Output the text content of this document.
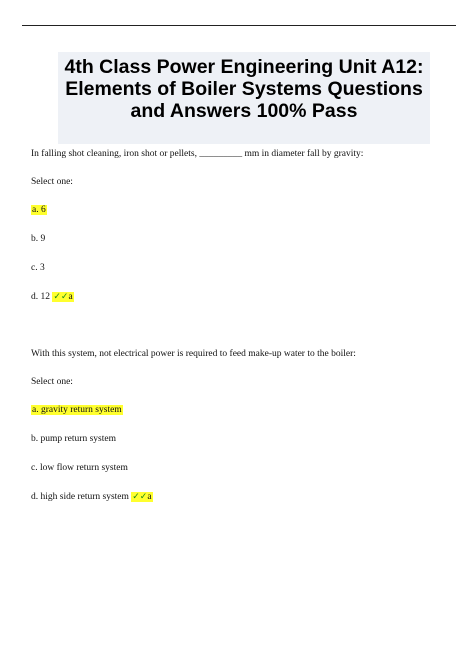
4th Class Power Engineering Unit A12:
Elements of Boiler Systems Questions
and Answers 100% Pass
In falling shot cleaning, iron shot or pellets, _________ mm in diameter fall by gravity:
Select one:
a. 6
b. 9
c. 3
d. 12 ✓✓a
With this system, not electrical power is required to feed make-up water to the boiler:
Select one:
a. gravity return system
b. pump return system
c. low flow return system
d. high side return system ✓✓a
